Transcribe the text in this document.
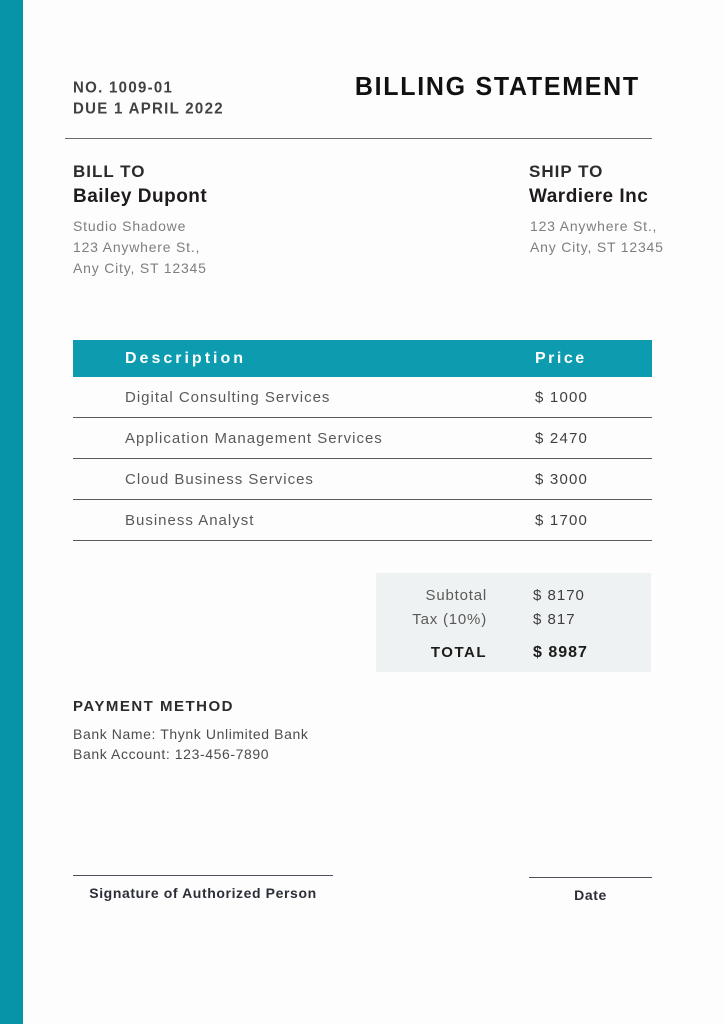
NO. 1009-01
DUE 1 APRIL 2022
BILLING STATEMENT
BILL TO
Bailey Dupont
Studio Shadowe
123 Anywhere St.,
Any City, ST 12345
SHIP TO
Wardiere Inc
123 Anywhere St.,
Any City, ST 12345
Description	Price
Digital Consulting Services	$ 1000
Application Management Services	$ 2470
Cloud Business Services	$ 3000
Business Analyst	$ 1700
Subtotal	$ 8170
Tax (10%)	$ 817
TOTAL	$ 8987
PAYMENT METHOD
Bank Name: Thynk Unlimited Bank
Bank Account: 123-456-7890
Signature of Authorized Person	Date
